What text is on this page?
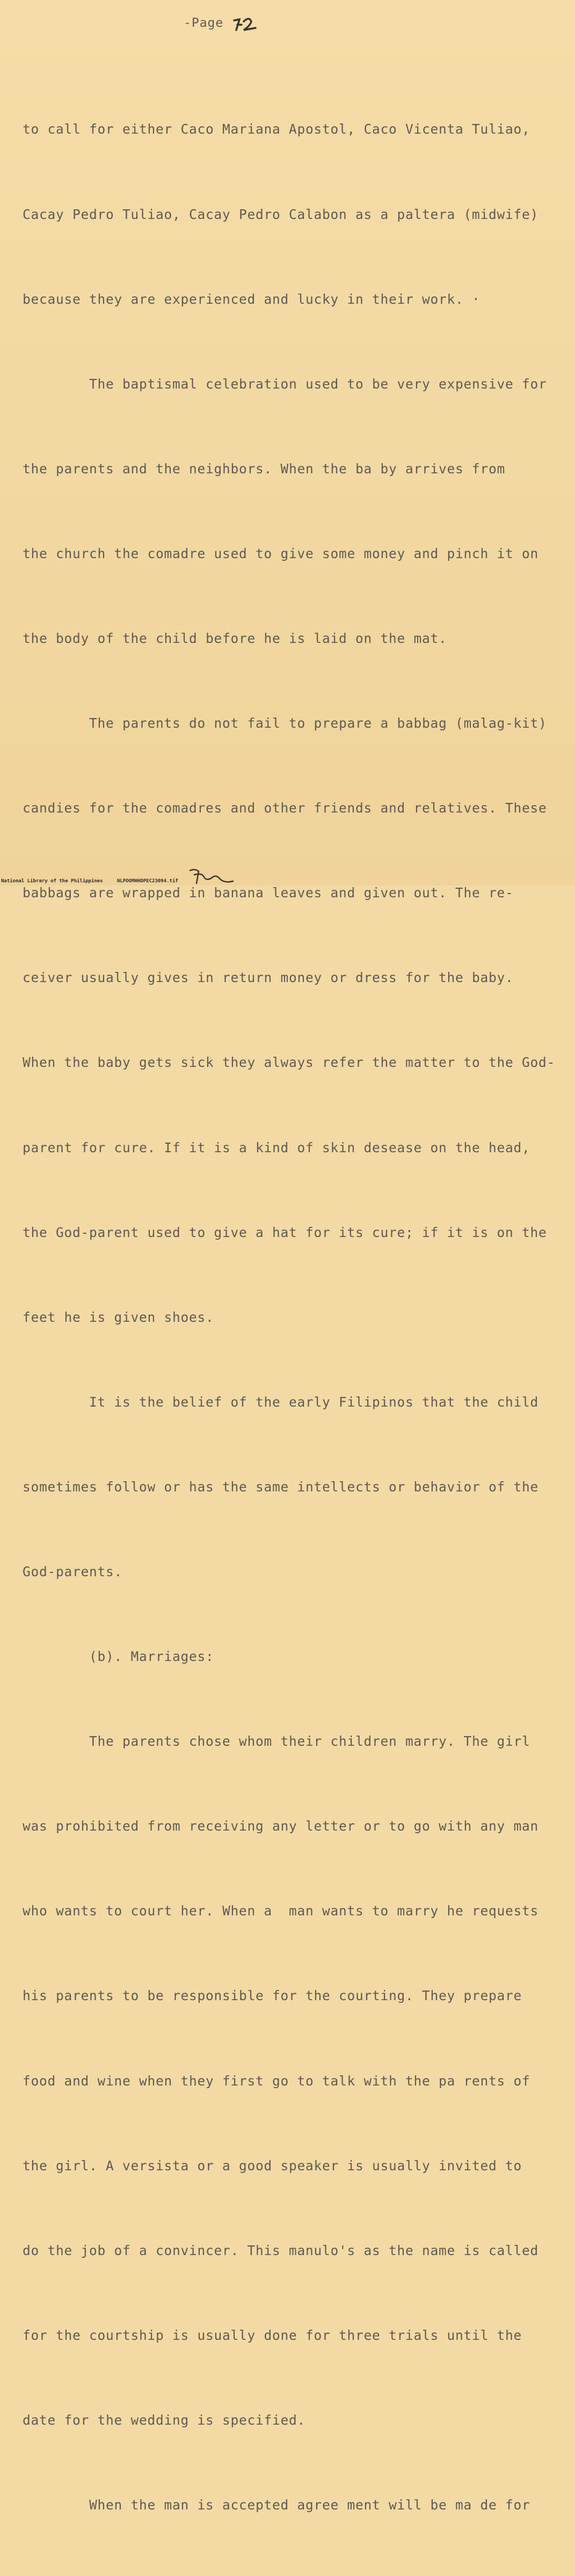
-Page

to call for either Caco Mariana Apostol, Caco Vicenta Tuliao,

Cacay Pedro Tuliao, Cacay Pedro Calabon as a paltera (midwife)

because they are experienced and lucky in their work. ·

The baptismal celebration used to be very expensive for

the parents and the neighbors. When the ba by arrives from

the church the comadre used to give some money and pinch it on

the body of the child before he is laid on the mat.

The parents do not fail to prepare a babbag (malag-kit)

candies for the comadres and other friends and relatives. These

babbags are wrapped in banana leaves and given out. The re-

ceiver usually gives in return money or dress for the baby.

When the baby gets sick they always refer the matter to the God-

parent for cure. If it is a kind of skin desease on the head,

the God-parent used to give a hat for its cure; if it is on the

feet he is given shoes.

It is the belief of the early Filipinos that the child

sometimes follow or has the same intellects or behavior of the

God-parents.

(b). Marriages:

The parents chose whom their children marry. The girl

was prohibited from receiving any letter or to go with any man

who wants to court her. When a  man wants to marry he requests

his parents to be responsible for the courting. They prepare

food and wine when they first go to talk with the pa rents of

the girl. A versista or a good speaker is usually invited to

do the job of a convincer. This manulo's as the name is called

for the courtship is usually done for three trials until the

date for the wedding is specified.

When the man is accepted agree ment will be ma de for

National Library of the Philippines	NLPOOMHHDPEC23094.tif
